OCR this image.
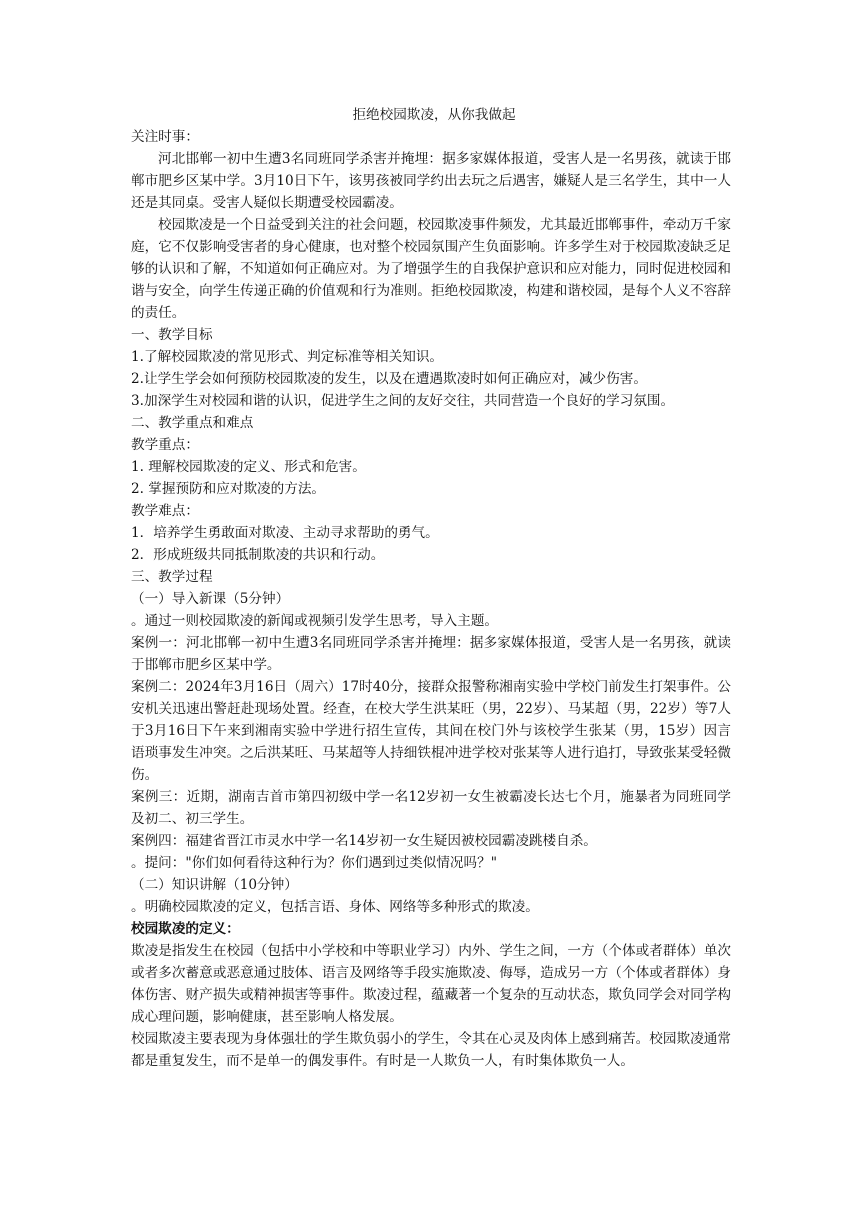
拒绝校园欺凌，从你我做起

关注时事：

河北邯郸一初中生遭3名同班同学杀害并掩埋：据多家媒体报道，受害人是一名男孩，就读于邯郸市肥乡区某中学。3月10日下午，该男孩被同学约出去玩之后遇害，嫌疑人是三名学生，其中一人还是其同桌。受害人疑似长期遭受校园霸凌。

校园欺凌是一个日益受到关注的社会问题，校园欺凌事件频发，尤其最近邯郸事件，牵动万千家庭，它不仅影响受害者的身心健康，也对整个校园氛围产生负面影响。许多学生对于校园欺凌缺乏足够的认识和了解，不知道如何正确应对。为了增强学生的自我保护意识和应对能力，同时促进校园和谐与安全，向学生传递正确的价值观和行为准则。拒绝校园欺凌，构建和谐校园，是每个人义不容辞的责任。

一、教学目标

1.了解校园欺凌的常见形式、判定标准等相关知识。

2.让学生学会如何预防校园欺凌的发生，以及在遭遇欺凌时如何正确应对，减少伤害。

3.加深学生对校园和谐的认识，促进学生之间的友好交往，共同营造一个良好的学习氛围。

二、教学重点和难点

教学重点：

1. 理解校园欺凌的定义、形式和危害。

2. 掌握预防和应对欺凌的方法。

教学难点：

1．培养学生勇敢面对欺凌、主动寻求帮助的勇气。

2．形成班级共同抵制欺凌的共识和行动。

三、教学过程

（一）导入新课（5分钟）

。通过一则校园欺凌的新闻或视频引发学生思考，导入主题。

案例一：河北邯郸一初中生遭3名同班同学杀害并掩埋：据多家媒体报道，受害人是一名男孩，就读于邯郸市肥乡区某中学。

案例二：2024年3月16日（周六）17时40分，接群众报警称湘南实验中学校门前发生打架事件。公安机关迅速出警赶赴现场处置。经查，在校大学生洪某旺（男，22岁）、马某超（男，22岁）等7人于3月16日下午来到湘南实验中学进行招生宣传，其间在校门外与该校学生张某（男，15岁）因言语琐事发生冲突。之后洪某旺、马某超等人持细铁棍冲进学校对张某等人进行追打，导致张某受轻微伤。

案例三：近期，湖南吉首市第四初级中学一名12岁初一女生被霸凌长达七个月，施暴者为同班同学及初二、初三学生。

案例四：福建省晋江市灵水中学一名14岁初一女生疑因被校园霸凌跳楼自杀。

。提问："你们如何看待这种行为？你们遇到过类似情况吗？"

（二）知识讲解（10分钟）

。明确校园欺凌的定义，包括言语、身体、网络等多种形式的欺凌。

校园欺凌的定义：

欺凌是指发生在校园（包括中小学校和中等职业学习）内外、学生之间，一方（个体或者群体）单次或者多次蓄意或恶意通过肢体、语言及网络等手段实施欺凌、侮辱，造成另一方（个体或者群体）身体伤害、财产损失或精神损害等事件。欺凌过程，蕴藏著一个复杂的互动状态，欺负同学会对同学构成心理问题，影响健康，甚至影响人格发展。

校园欺凌主要表现为身体强壮的学生欺负弱小的学生，令其在心灵及肉体上感到痛苦。校园欺凌通常都是重复发生，而不是单一的偶发事件。有时是一人欺负一人，有时集体欺负一人。
